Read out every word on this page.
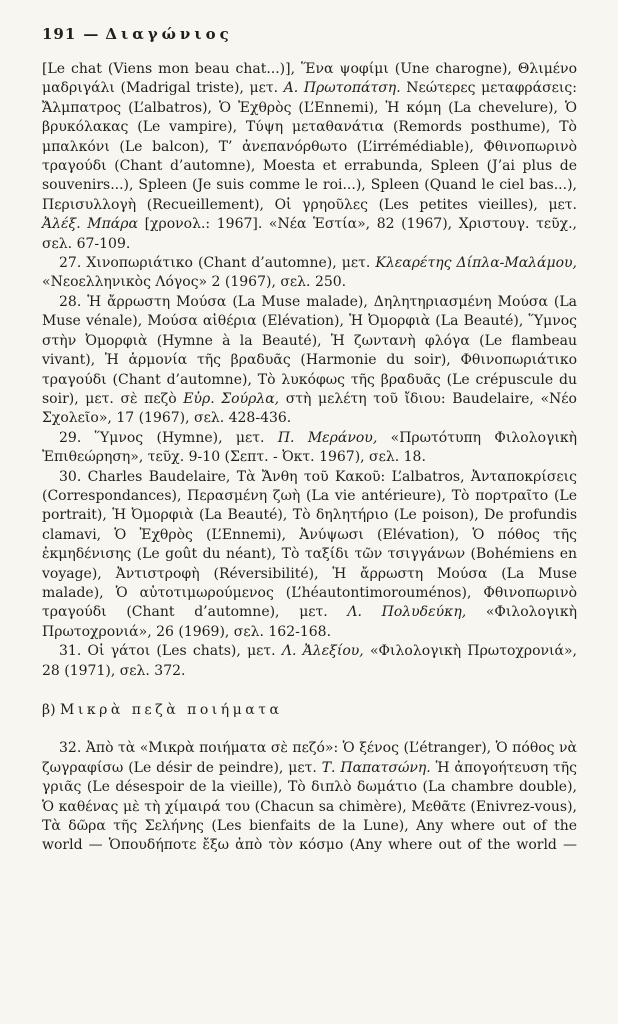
191 — Διαγώνιος

[Le chat (Viens mon beau chat...)], Ἕνα ψοφίμι (Une charogne), Θλιμένο μαδριγάλι (Madrigal triste), μετ. Α. Πρωτοπάτση. Νεώτερες μεταφράσεις: Ἄλμπατρος (L’albatros), Ὁ Ἐχθρὸς (L’Ennemi), Ἡ κόμη (La chevelure), Ὁ βρυκόλακας (Le vampire), Τύψη μεταθανάτια (Remords posthume), Τὸ μπαλκόνι (Le balcon), Τ’ ἀνεπανόρθωτο (L’irrémédiable), Φθινοπωρινὸ τραγούδι (Chant d’automne), Moesta et errabunda, Spleen (J’ai plus de souvenirs...), Spleen (Je suis comme le roi...), Spleen (Quand le ciel bas...), Περισυλλογὴ (Recueillement), Οἱ γρηοῦλες (Les petites vieilles), μετ. Ἀλέξ. Μπάρα [χρονολ.: 1967]. «Νέα Ἑστία», 82 (1967), Χριστουγ. τεῦχ., σελ. 67-109.

27. Χινοπωριάτικο (Chant d’automne), μετ. Κλεαρέτης Δίπλα-Μαλάμου, «Νεοελληνικὸς Λόγος» 2 (1967), σελ. 250.

28. Ἡ ἄρρωστη Μούσα (La Muse malade), Δηλητηριασμένη Μούσα (La Muse vénale), Μούσα αἰθέρια (Elévation), Ἡ Ὀμορφιὰ (La Beauté), Ὕμνος στὴν Ὀμορφιὰ (Hymne à la Beauté), Ἡ ζωντανὴ φλόγα (Le flambeau vivant), Ἡ ἁρμονία τῆς βραδυᾶς (Harmonie du soir), Φθινοπωριάτικο τραγούδι (Chant d’automne), Τὸ λυκόφως τῆς βραδυᾶς (Le crépuscule du soir), μετ. σὲ πεζὸ Εὐρ. Σούρλα, στὴ μελέτη τοῦ ἴδιου: Baudelaire, «Νέο Σχολεῖο», 17 (1967), σελ. 428-436.

29. Ὕμνος (Hymne), μετ. Π. Μεράνου, «Πρωτότυπη Φιλολογικὴ Ἐπιθεώρηση», τεῦχ. 9-10 (Σεπτ. - Ὀκτ. 1967), σελ. 18.

30. Charles Baudelaire, Τὰ Ἄνθη τοῦ Κακοῦ: L’albatros, Ἀνταποκρίσεις (Correspondances), Περασμένη ζωὴ (La vie antérieure), Τὸ πορτραῖτο (Le portrait), Ἡ Ὀμορφιὰ (La Beauté), Τὸ δηλητήριο (Le poison), De profundis clamavi, Ὁ Ἐχθρὸς (L’Ennemi), Ἀνύψωσι (Elévation), Ὁ πόθος τῆς ἐκμηδένισης (Le goût du néant), Τὸ ταξίδι τῶν τσιγγάνων (Bohémiens en voyage), Ἀντιστροφὴ (Réversibilité), Ἡ ἄρρωστη Μούσα (La Muse malade), Ὁ αὐτοτιμωρούμενος (L’héautontimorouménos), Φθινοπωρινὸ τραγούδι (Chant d’automne), μετ. Λ. Πολυδεύκη, «Φιλολογικὴ Πρωτοχρονιά», 26 (1969), σελ. 162-168.

31. Οἱ γάτοι (Les chats), μετ. Λ. Ἀλεξίου, «Φιλολογικὴ Πρωτοχρονιά», 28 (1971), σελ. 372.

β) Μικρὰ πεζὰ ποιήματα

32. Ἀπὸ τὰ «Μικρὰ ποιήματα σὲ πεζό»: Ὁ ξένος (L’étranger), Ὁ πόθος νὰ ζωγραφίσω (Le désir de peindre), μετ. Τ. Παπατσώνη. Ἡ ἀπογοήτευση τῆς γριᾶς (Le désespoir de la vieille), Τὸ διπλὸ δωμάτιο (La chambre double), Ὁ καθένας μὲ τὴ χίμαιρά του (Chacun sa chimère), Μεθᾶτε (Enivrez-vous), Τὰ δῶρα τῆς Σελήνης (Les bienfaits de la Lune), Any where out of the world — Ὁπουδήποτε ἔξω ἀπὸ τὸν κόσμο (Any where out of the world —
